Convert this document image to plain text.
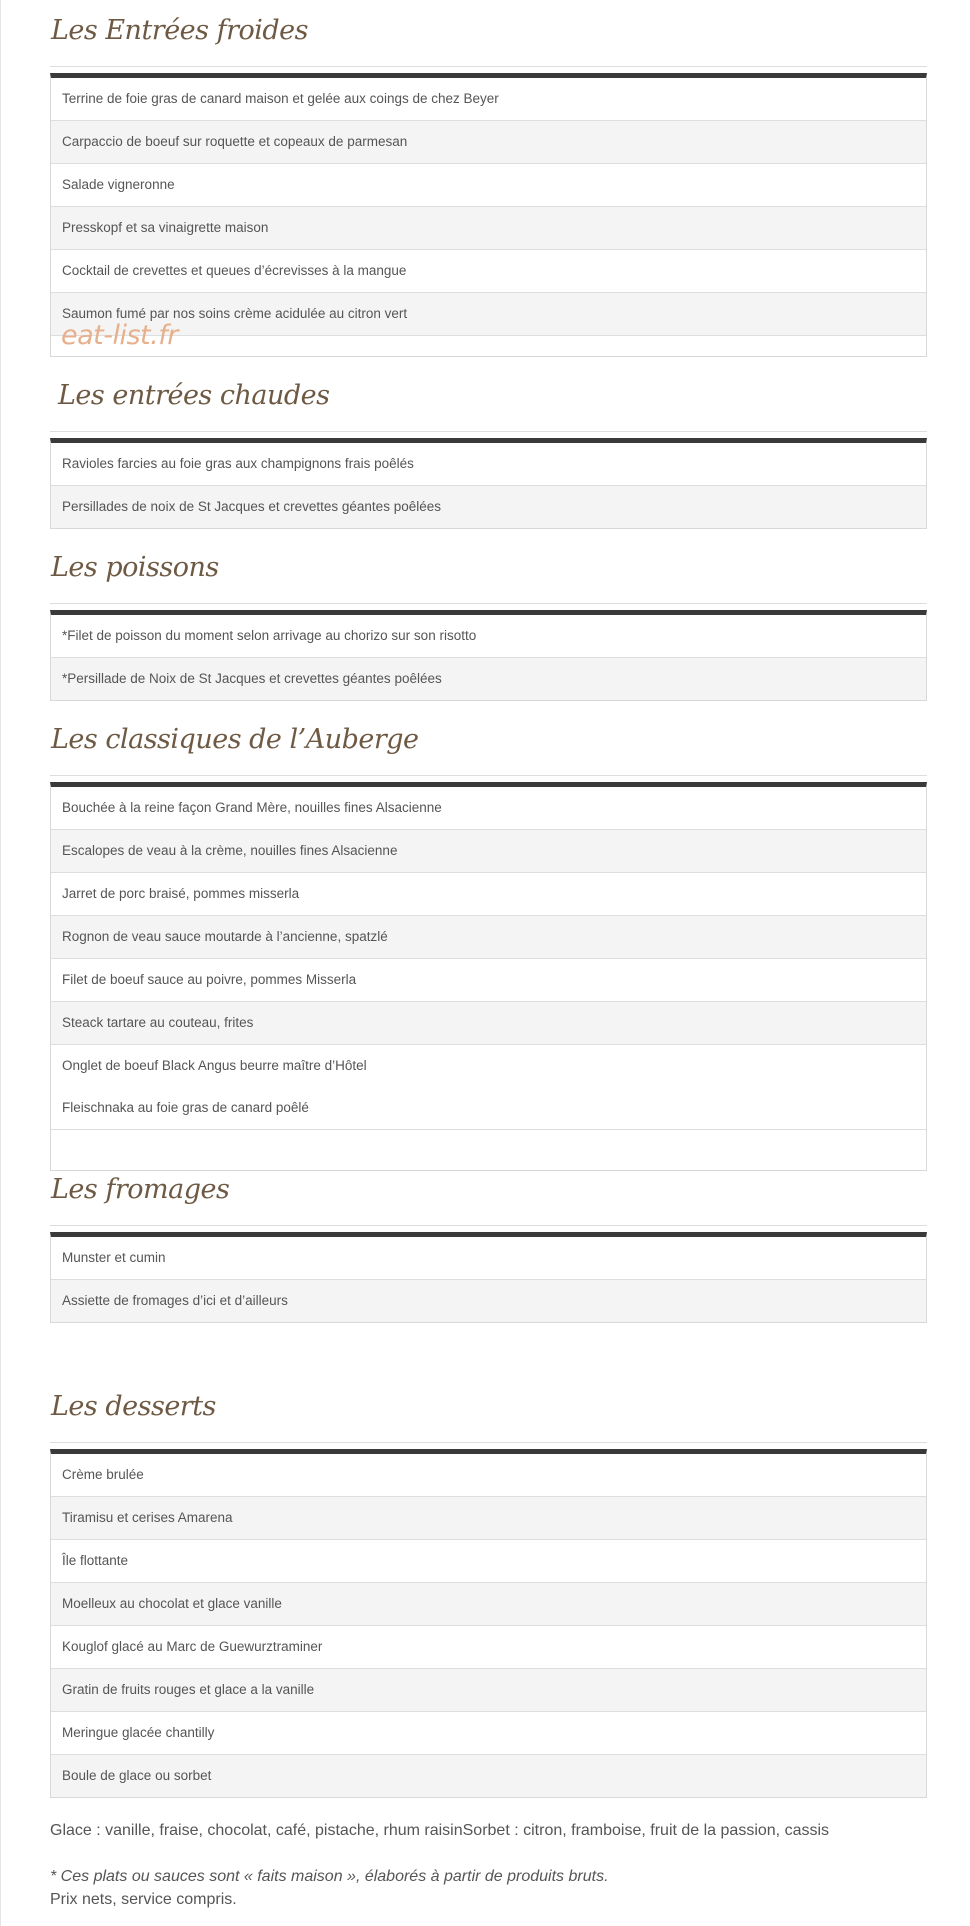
Les Entrées froides
Terrine de foie gras de canard maison et gelée aux coings de chez Beyer
Carpaccio de boeuf sur roquette et copeaux de parmesan
Salade vigneronne
Presskopf et sa vinaigrette maison
Cocktail de crevettes et queues d’écrevisses à la mangue
Saumon fumé par nos soins crème acidulée au citron vert
eat-list.fr
Les entrées chaudes
Ravioles farcies au foie gras aux champignons frais poêlés
Persillades de noix de St Jacques et crevettes géantes poêlées
Les poissons
*Filet de poisson du moment selon arrivage au chorizo sur son risotto
*Persillade de Noix de St Jacques et crevettes géantes poêlées
Les classiques de l’Auberge
Bouchée à la reine façon Grand Mère, nouilles fines Alsacienne
Escalopes de veau à la crème, nouilles fines Alsacienne
Jarret de porc braisé, pommes misserla
Rognon de veau sauce moutarde à l’ancienne, spatzlé
Filet de boeuf sauce au poivre, pommes Misserla
Steack tartare au couteau, frites
Onglet de boeuf Black Angus beurre maître d’Hôtel
Fleischnaka au foie gras de canard poêlé
Les fromages
Munster et cumin
Assiette de fromages d’ici et d’ailleurs
Les desserts
Crème brulée
Tiramisu et cerises Amarena
Île flottante
Moelleux au chocolat et glace vanille
Kouglof glacé au Marc de Guewurztraminer
Gratin de fruits rouges et glace a la vanille
Meringue glacée chantilly
Boule de glace ou sorbet
Glace : vanille, fraise, chocolat, café, pistache, rhum raisinSorbet : citron, framboise, fruit de la passion, cassis
* Ces plats ou sauces sont « faits maison », élaborés à partir de produits bruts.
Prix nets, service compris.
